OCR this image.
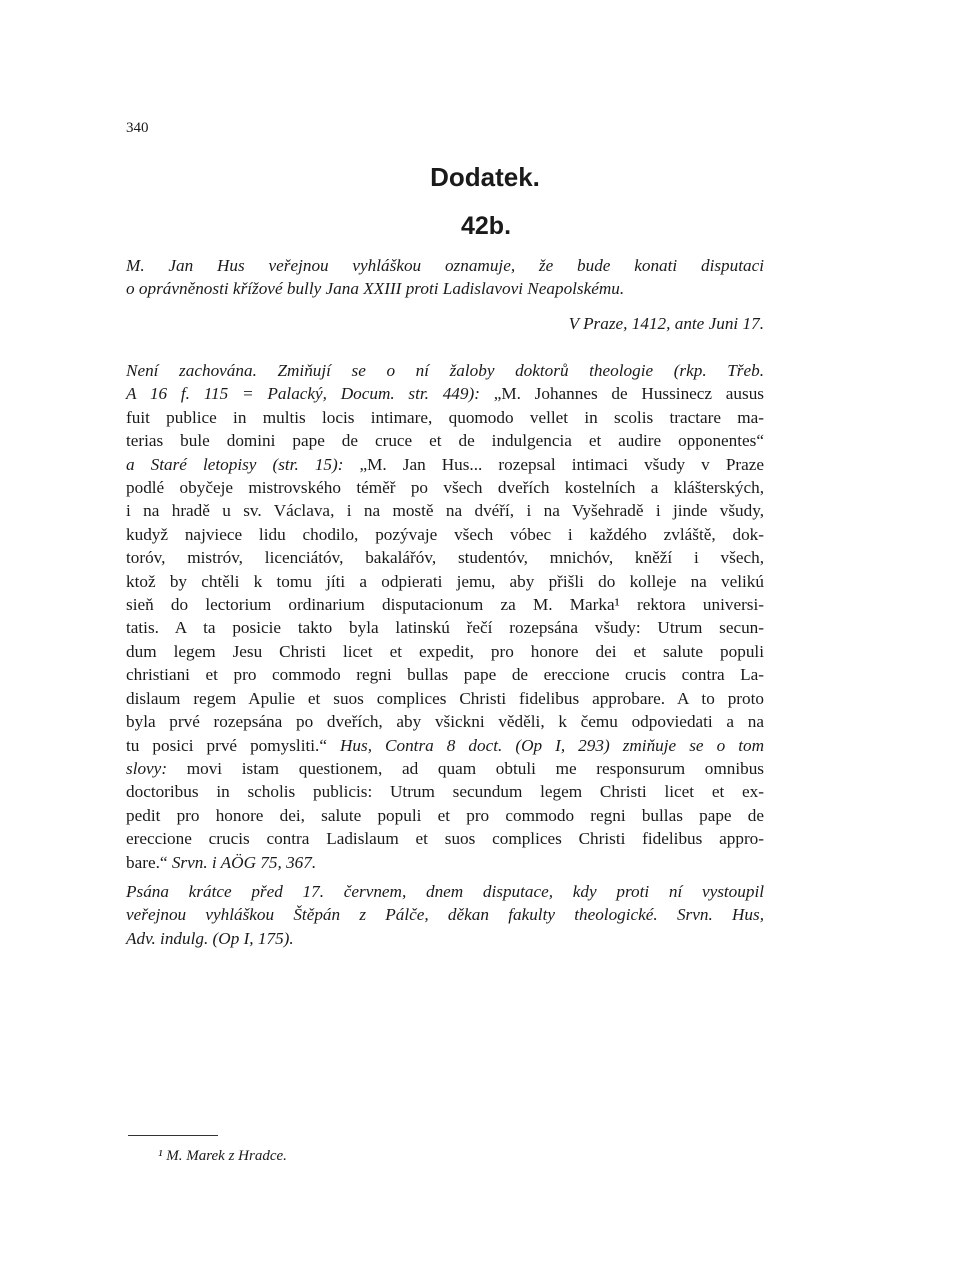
340
Dodatek.
42b.
M. Jan Hus veřejnou vyhláškou oznamuje, že bude konati disputaci
o oprávněnosti křížové bully Jana XXIII proti Ladislavovi Neapolskému.
V Praze, 1412, ante Juni 17.
Není zachována. Zmiňují se o ní žaloby doktorů theologie (rkp. Třeb.
A 16 f. 115 = Palacký, Docum. str. 449): „M. Johannes de Hussinecz ausus
fuit publice in multis locis intimare, quomodo vellet in scolis tractare ma-
terias bule domini pape de cruce et de indulgencia et audire opponentes“
a Staré letopisy (str. 15): „M. Jan Hus... rozepsal intimaci všudy v Praze
podlé obyčeje mistrovského téměř po všech dveřích kostelních a klášterských,
i na hradě u sv. Václava, i na mostě na dvéří, i na Vyšehradě i jinde všudy,
kudyž najviece lidu chodilo, pozývaje všech vóbec i každého zvláště, dok-
toróv, mistróv, licenciátóv, bakalářóv, studentóv, mnichóv, kněží i všech,
ktož by chtěli k tomu jíti a odpierati jemu, aby přišli do kolleje na velikú
sieň do lectorium ordinarium disputacionum za M. Marka¹ rektora universi-
tatis. A ta posicie takto byla latinskú řečí rozepsána všudy: Utrum secun-
dum legem Jesu Christi licet et expedit, pro honore dei et salute populi
christiani et pro commodo regni bullas pape de ereccione crucis contra La-
dislaum regem Apulie et suos complices Christi fidelibus approbare. A to proto
byla prvé rozepsána po dveřích, aby všickni věděli, k čemu odpoviedati a na
tu posici prvé pomysliti.“ Hus, Contra 8 doct. (Op I, 293) zmiňuje se o tom
slovy: movi istam questionem, ad quam obtuli me responsurum omnibus
doctoribus in scholis publicis: Utrum secundum legem Christi licet et ex-
pedit pro honore dei, salute populi et pro commodo regni bullas pape de
ereccione crucis contra Ladislaum et suos complices Christi fidelibus appro-
bare.“ Srvn. i AÖG 75, 367.
Psána krátce před 17. červnem, dnem disputace, kdy proti ní vystoupil
veřejnou vyhláškou Štěpán z Pálče, děkan fakulty theologické. Srvn. Hus,
Adv. indulg. (Op I, 175).
¹ M. Marek z Hradce.
